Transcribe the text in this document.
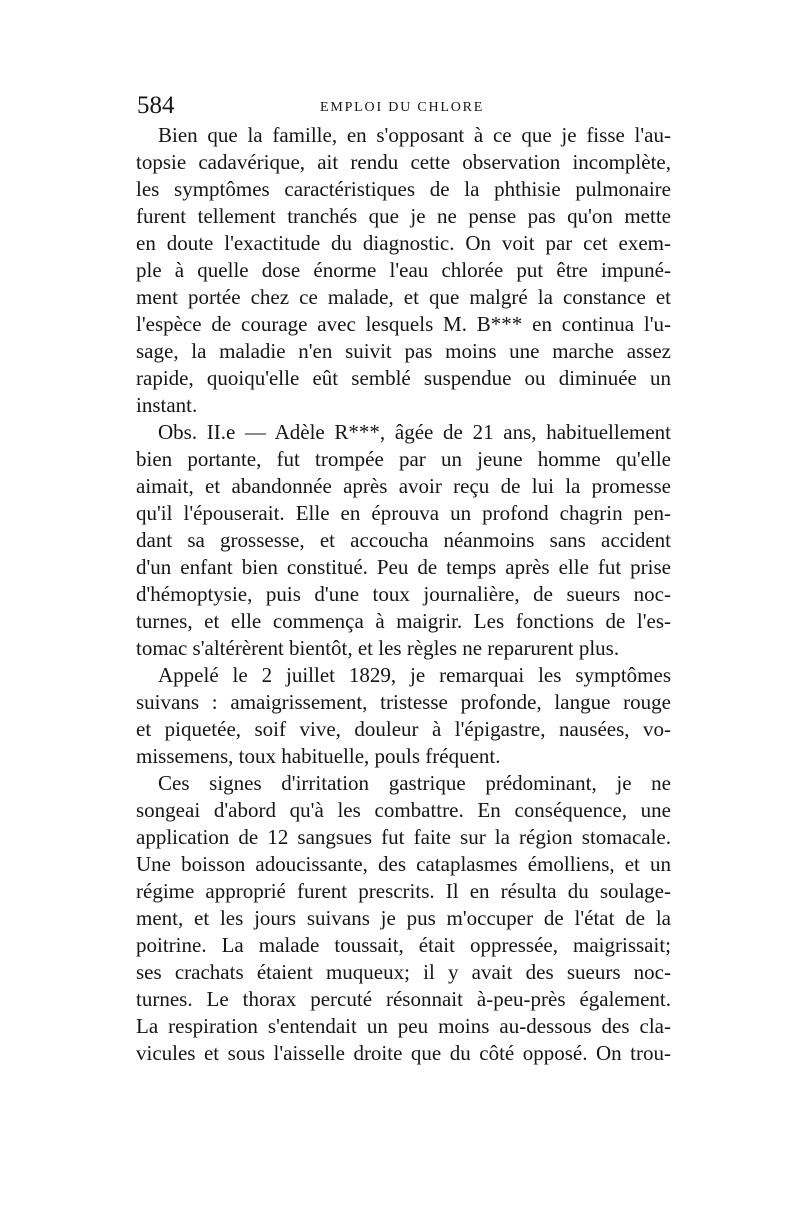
584	EMPLOI DU CHLORE
Bien que la famille, en s'opposant à ce que je fisse l'au-
topsie cadavérique, ait rendu cette observation incomplète,
les symptômes caractéristiques de la phthisie pulmonaire
furent tellement tranchés que je ne pense pas qu'on mette
en doute l'exactitude du diagnostic. On voit par cet exem-
ple à quelle dose énorme l'eau chlorée put être impuné-
ment portée chez ce malade, et que malgré la constance et
l'espèce de courage avec lesquels M. B*** en continua l'u-
sage, la maladie n'en suivit pas moins une marche assez
rapide, quoiqu'elle eût semblé suspendue ou diminuée un
instant.
Obs. II.e — Adèle R***, âgée de 21 ans, habituellement
bien portante, fut trompée par un jeune homme qu'elle
aimait, et abandonnée après avoir reçu de lui la promesse
qu'il l'épouserait. Elle en éprouva un profond chagrin pen-
dant sa grossesse, et accoucha néanmoins sans accident
d'un enfant bien constitué. Peu de temps après elle fut prise
d'hémoptysie, puis d'une toux journalière, de sueurs noc-
turnes, et elle commença à maigrir. Les fonctions de l'es-
tomac s'altérèrent bientôt, et les règles ne reparurent plus.
Appelé le 2 juillet 1829, je remarquai les symptômes
suivans : amaigrissement, tristesse profonde, langue rouge
et piquetée, soif vive, douleur à l'épigastre, nausées, vo-
missemens, toux habituelle, pouls fréquent.
Ces signes d'irritation gastrique prédominant, je ne
songeai d'abord qu'à les combattre. En conséquence, une
application de 12 sangsues fut faite sur la région stomacale.
Une boisson adoucissante, des cataplasmes émolliens, et un
régime approprié furent prescrits. Il en résulta du soulage-
ment, et les jours suivans je pus m'occuper de l'état de la
poitrine. La malade toussait, était oppressée, maigrissait;
ses crachats étaient muqueux; il y avait des sueurs noc-
turnes. Le thorax percuté résonnait à-peu-près également.
La respiration s'entendait un peu moins au-dessous des cla-
vicules et sous l'aisselle droite que du côté opposé. On trou-
